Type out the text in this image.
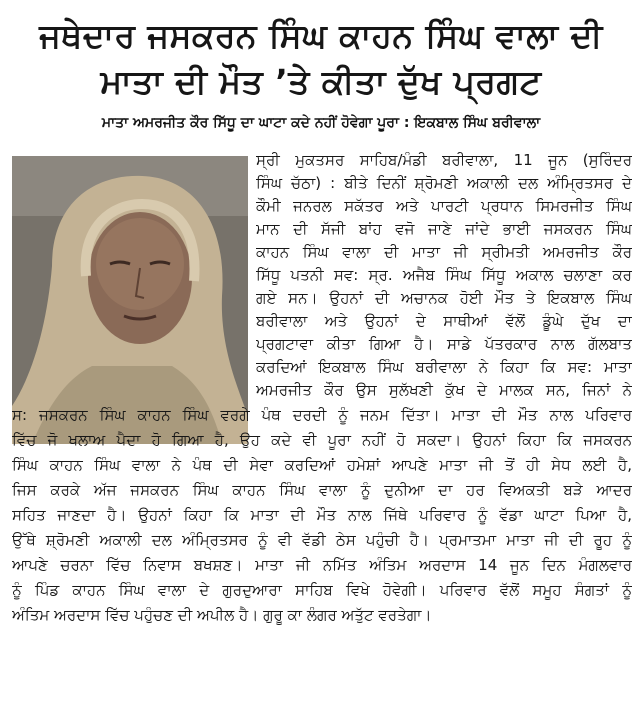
ਜਥੇਦਾਰ ਜਸਕਰਨ ਸਿੰਘ ਕਾਹਨ ਸਿੰਘ ਵਾਲਾ ਦੀ
ਮਾਤਾ ਦੀ ਮੌਤ ’ਤੇ ਕੀਤਾ ਦੁੱਖ ਪ੍ਰਗਟ
ਮਾਤਾ ਅਮਰਜੀਤ ਕੌਰ ਸਿੱਧੂ ਦਾ ਘਾਟਾ ਕਦੇ ਨਹੀਂ ਹੋਵੇਗਾ ਪੂਰਾ : ਇਕਬਾਲ ਸਿੰਘ ਬਰੀਵਾਲਾ
ਸ੍ਰੀ ਮੁਕਤਸਰ ਸਾਹਿਬ/ਮੰਡੀ ਬਰੀਵਾਲਾ, 11 ਜੂਨ (ਸੁਰਿੰਦਰ
ਸਿੰਘ ਚੱਠਾ) : ਬੀਤੇ ਦਿਨੀਂ ਸ਼੍ਰੋਮਣੀ ਅਕਾਲੀ ਦਲ ਅੰਮ੍ਰਿਤਸਰ ਦੇ
ਕੌਮੀ ਜਨਰਲ ਸਕੱਤਰ ਅਤੇ ਪਾਰਟੀ ਪ੍ਰਧਾਨ ਸਿਮਰਜੀਤ ਸਿੰਘ
ਮਾਨ ਦੀ ਸੱਜੀ ਬਾਂਹ ਵਜੋ ਜਾਣੇ ਜਾਂਦੇ ਭਾਈ ਜਸਕਰਨ ਸਿੰਘ
ਕਾਹਨ ਸਿੰਘ ਵਾਲਾ ਦੀ ਮਾਤਾ ਜੀ ਸ੍ਰੀਮਤੀ ਅਮਰਜੀਤ ਕੌਰ
ਸਿੱਧੂ ਪਤਨੀ ਸਵ: ਸ੍ਰ. ਅਜੈਬ ਸਿੰਘ ਸਿੱਧੂ ਅਕਾਲ ਚਲਾਣਾ ਕਰ
ਗਏ ਸਨ। ਉਹਨਾਂ ਦੀ ਅਚਾਨਕ ਹੋਈ ਮੌਤ ਤੇ ਇਕਬਾਲ ਸਿੰਘ
ਬਰੀਵਾਲਾ ਅਤੇ ਉਹਨਾਂ ਦੇ ਸਾਥੀਆਂ ਵੱਲੋਂ ਡੂੰਘੇ ਦੁੱਖ ਦਾ
ਪ੍ਰਗਟਾਵਾ ਕੀਤਾ ਗਿਆ ਹੈ। ਸਾਡੇ ਪੱਤਰਕਾਰ ਨਾਲ ਗੱਲਬਾਤ
ਕਰਦਿਆਂ ਇਕਬਾਲ ਸਿੰਘ ਬਰੀਵਾਲਾ ਨੇ ਕਿਹਾ ਕਿ ਸਵ: ਮਾਤਾ
ਅਮਰਜੀਤ ਕੌਰ ਉਸ ਸੁਲੱਖਣੀ ਕੁੱਖ ਦੇ ਮਾਲਕ ਸਨ, ਜਿਨਾਂ ਨੇ
ਸ: ਜਸਕਰਨ ਸਿੰਘ ਕਾਹਨ ਸਿੰਘ ਵਰਗੇ ਪੰਥ ਦਰਦੀ ਨੂੰ ਜਨਮ ਦਿੱਤਾ। ਮਾਤਾ ਦੀ ਮੌਤ ਨਾਲ ਪਰਿਵਾਰ
ਵਿੱਚ ਜੋ ਖਲਾਅ ਪੈਦਾ ਹੋ ਗਿਆ ਹੈ, ਉਹ ਕਦੇ ਵੀ ਪੂਰਾ ਨਹੀਂ ਹੋ ਸਕਦਾ। ਉਹਨਾਂ ਕਿਹਾ ਕਿ ਜਸਕਰਨ
ਸਿੰਘ ਕਾਹਨ ਸਿੰਘ ਵਾਲਾ ਨੇ ਪੰਥ ਦੀ ਸੇਵਾ ਕਰਦਿਆਂ ਹਮੇਸ਼ਾਂ ਆਪਣੇ ਮਾਤਾ ਜੀ ਤੋਂ ਹੀ ਸੇਧ ਲਈ ਹੈ,
ਜਿਸ ਕਰਕੇ ਅੱਜ ਜਸਕਰਨ ਸਿੰਘ ਕਾਹਨ ਸਿੰਘ ਵਾਲਾ ਨੂੰ ਦੁਨੀਆ ਦਾ ਹਰ ਵਿਅਕਤੀ ਬੜੇ ਆਦਰ
ਸਹਿਤ ਜਾਣਦਾ ਹੈ। ਉਹਨਾਂ ਕਿਹਾ ਕਿ ਮਾਤਾ ਦੀ ਮੌਤ ਨਾਲ ਜਿੱਥੇ ਪਰਿਵਾਰ ਨੂੰ ਵੱਡਾ ਘਾਟਾ ਪਿਆ ਹੈ,
ਉੱਥੇ ਸ਼੍ਰੋਮਣੀ ਅਕਾਲੀ ਦਲ ਅੰਮ੍ਰਿਤਸਰ ਨੂੰ ਵੀ ਵੱਡੀ ਠੇਸ ਪਹੁੰਚੀ ਹੈ। ਪ੍ਰਮਾਤਮਾ ਮਾਤਾ ਜੀ ਦੀ ਰੂਹ ਨੂੰ
ਆਪਣੇ ਚਰਨਾ ਵਿੱਚ ਨਿਵਾਸ ਬਖਸ਼ਣ। ਮਾਤਾ ਜੀ ਨਮਿੱਤ ਅੰਤਿਮ ਅਰਦਾਸ 14 ਜੂਨ ਦਿਨ ਮੰਗਲਵਾਰ
ਨੂੰ ਪਿੰਡ ਕਾਹਨ ਸਿੰਘ ਵਾਲਾ ਦੇ ਗੁਰਦੁਆਰਾ ਸਾਹਿਬ ਵਿਖੇ ਹੋਵੇਗੀ। ਪਰਿਵਾਰ ਵੱਲੋਂ ਸਮੂਹ ਸੰਗਤਾਂ ਨੂੰ
ਅੰਤਿਮ ਅਰਦਾਸ ਵਿੱਚ ਪਹੁੰਚਣ ਦੀ ਅਪੀਲ ਹੈ। ਗੁਰੂ ਕਾ ਲੰਗਰ ਅਤੁੱਟ ਵਰਤੇਗਾ।
